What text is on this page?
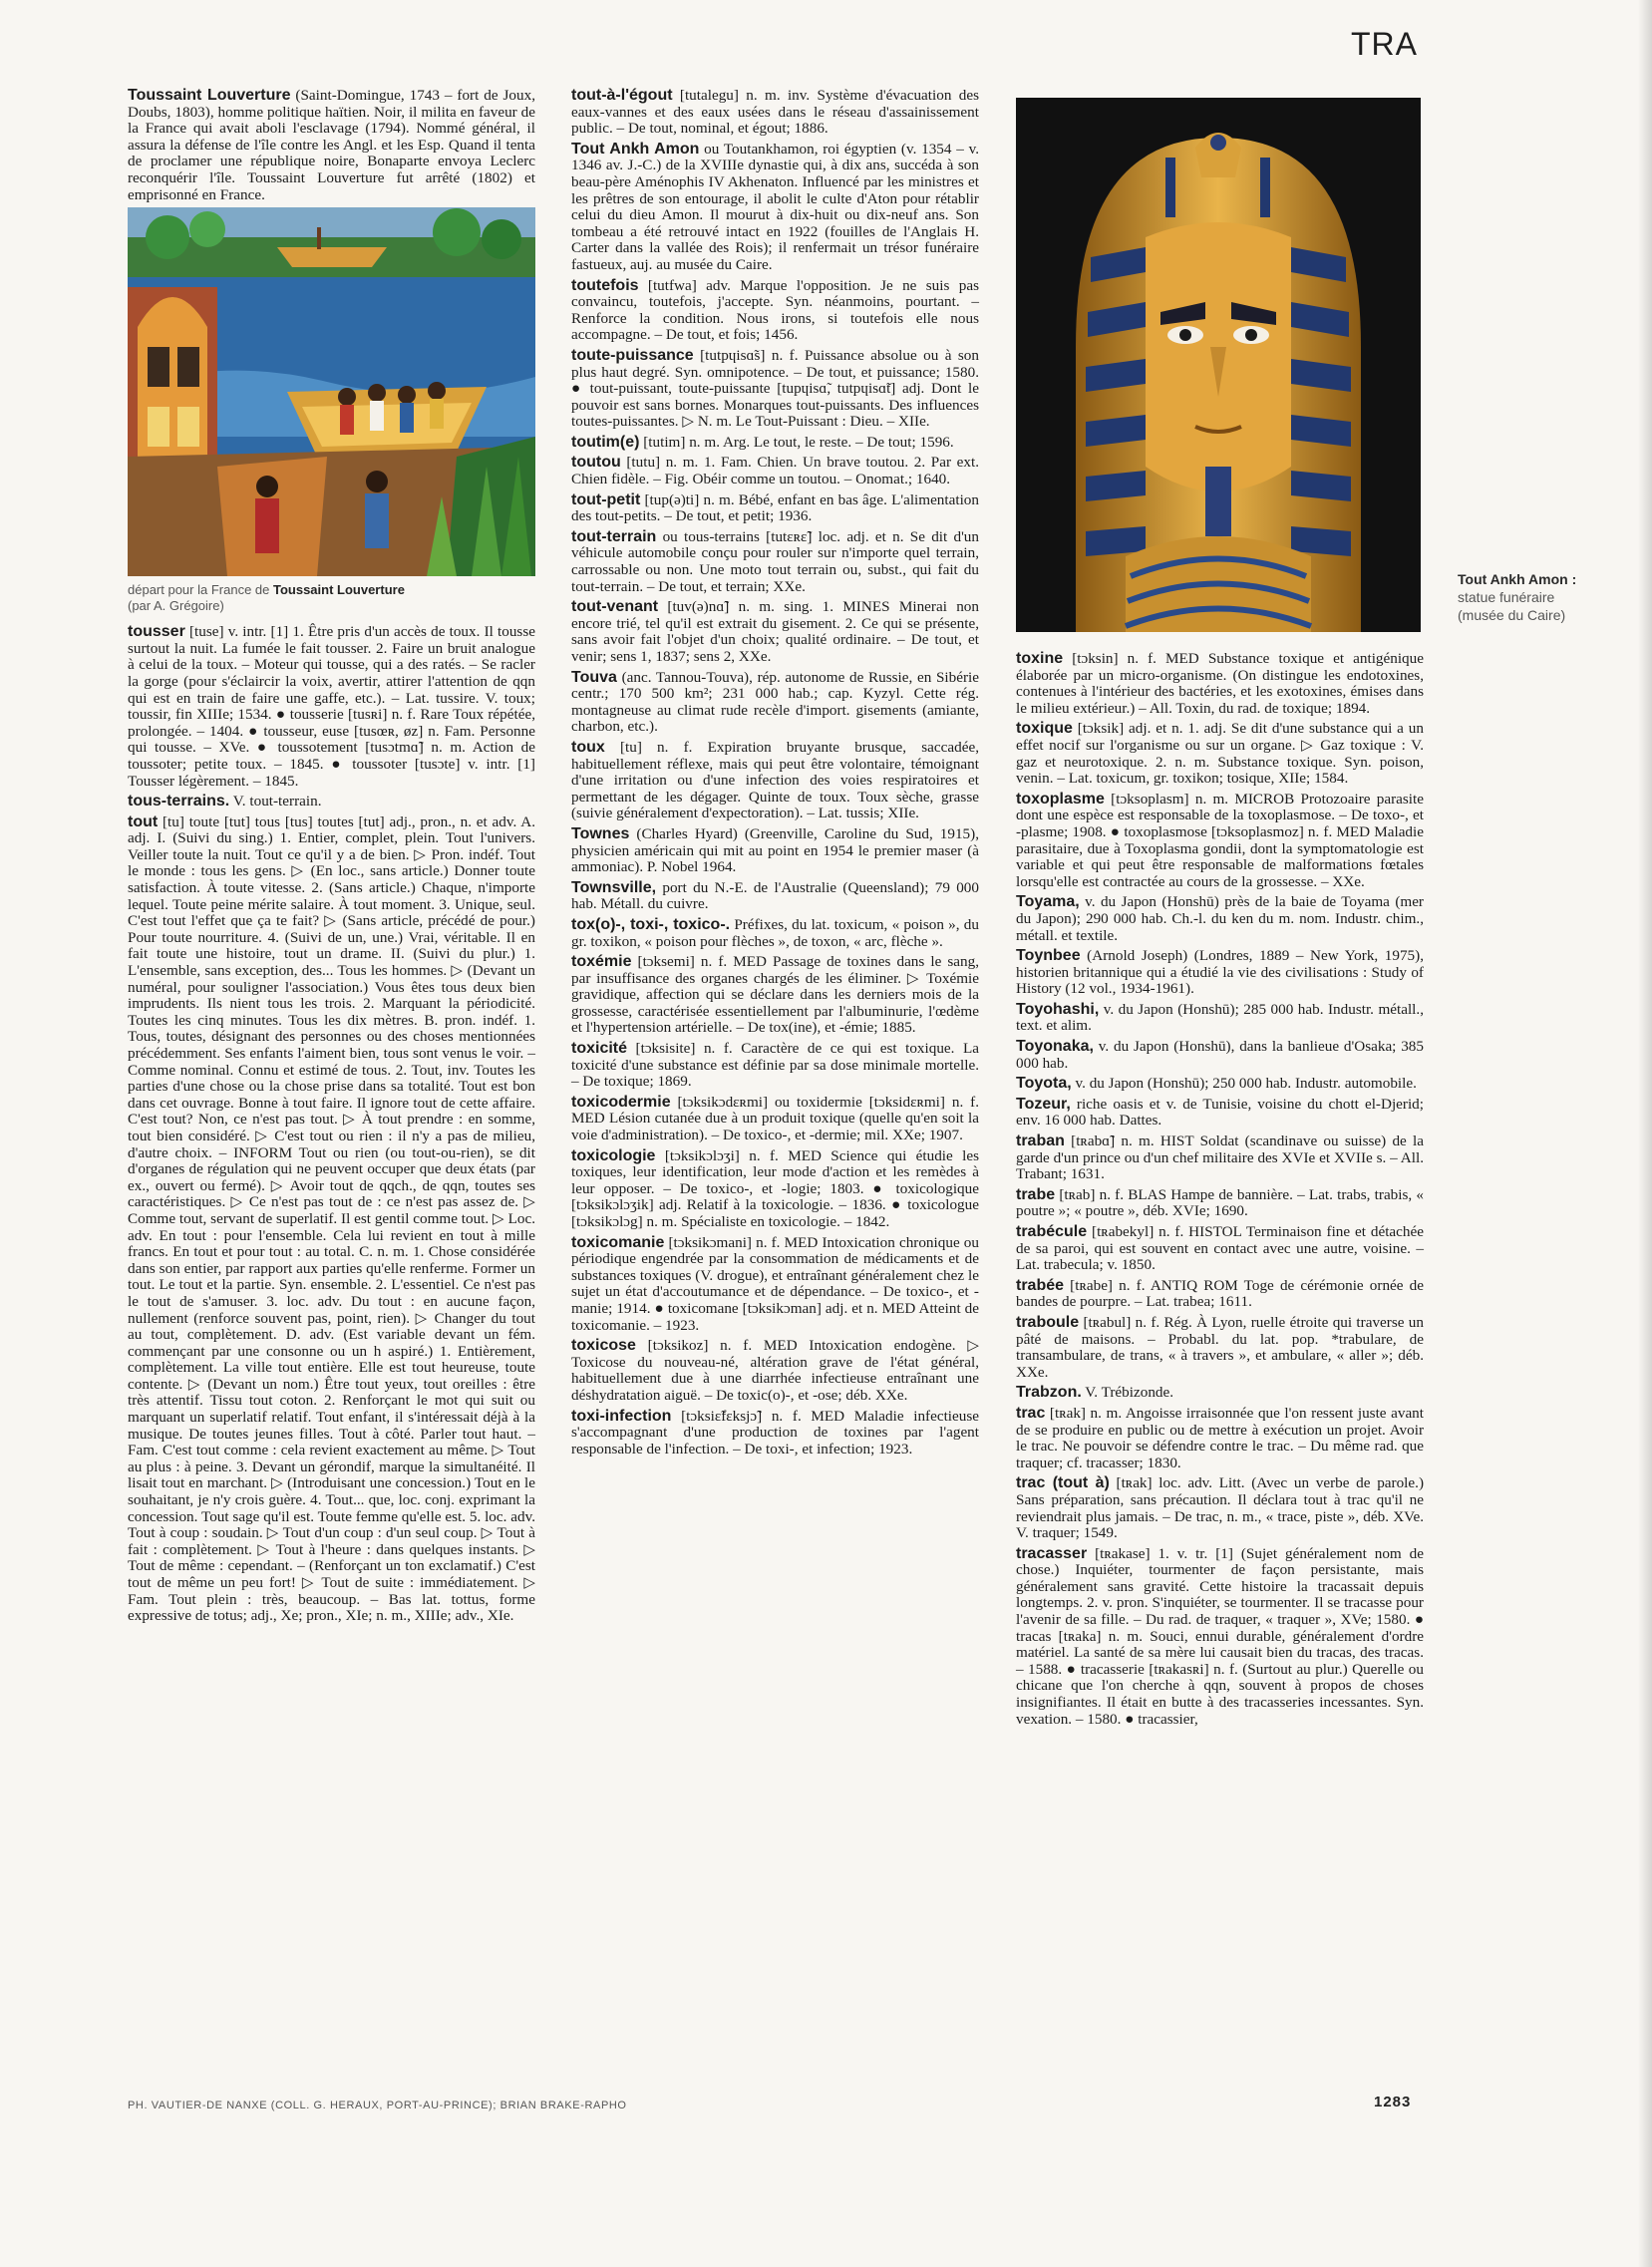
TRA

Toussaint Louverture (Saint-Domingue, 1743 – fort de Joux, Doubs, 1803), homme politique haïtien. Noir, il milita en faveur de la France qui avait aboli l'esclavage (1794). Nommé général, il assura la défense de l'île contre les Angl. et les Esp. Quand il tenta de proclamer une république noire, Bonaparte envoya Leclerc reconquérir l'île. Toussaint Louverture fut arrêté (1802) et emprisonné en France.

départ pour la France de Toussaint Louverture
(par A. Grégoire)

tousser [tuse] v. intr. [1] 1. Être pris d'un accès de toux. Il tousse surtout la nuit. La fumée le fait tousser. 2. Faire un bruit analogue à celui de la toux. – Moteur qui tousse, qui a des ratés. – Se racler la gorge (pour s'éclaircir la voix, avertir, attirer l'attention de qqn qui est en train de faire une gaffe, etc.). – Lat. tussire. V. toux; toussir, fin XIIIe; 1534. ● tousserie [tusʀi] n. f. Rare Toux répétée, prolongée. – 1404. ● tousseur, euse [tusœʀ, øz] n. Fam. Personne qui tousse. – XVe. ● toussotement [tusɔtmɑ̃] n. m. Action de toussoter; petite toux. – 1845. ● toussoter [tusɔte] v. intr. [1] Tousser légèrement. – 1845.

tous-terrains. V. tout-terrain.

tout [tu] toute [tut] tous [tus] toutes [tut] adj., pron., n. et adv. A. adj. I. (Suivi du sing.) 1. Entier, complet, plein. Tout l'univers. Veiller toute la nuit. Tout ce qu'il y a de bien. ▷ Pron. indéf. Tout le monde : tous les gens. ▷ (En loc., sans article.) Donner toute satisfaction. À toute vitesse. 2. (Sans article.) Chaque, n'importe lequel. Toute peine mérite salaire. À tout moment. 3. Unique, seul. C'est tout l'effet que ça te fait? ▷ (Sans article, précédé de pour.) Pour toute nourriture. 4. (Suivi de un, une.) Vrai, véritable. Il en fait toute une histoire, tout un drame. II. (Suivi du plur.) 1. L'ensemble, sans exception, des... Tous les hommes. ▷ (Devant un numéral, pour souligner l'association.) Vous êtes tous deux bien imprudents. Ils nient tous les trois. 2. Marquant la périodicité. Toutes les cinq minutes. Tous les dix mètres. B. pron. indéf. 1. Tous, toutes, désignant des personnes ou des choses mentionnées précédemment. Ses enfants l'aiment bien, tous sont venus le voir. – Comme nominal. Connu et estimé de tous. 2. Tout, inv. Toutes les parties d'une chose ou la chose prise dans sa totalité. Tout est bon dans cet ouvrage. Bonne à tout faire. Il ignore tout de cette affaire. C'est tout? Non, ce n'est pas tout. ▷ À tout prendre : en somme, tout bien considéré. ▷ C'est tout ou rien : il n'y a pas de milieu, d'autre choix. – INFORM Tout ou rien (ou tout-ou-rien), se dit d'organes de régulation qui ne peuvent occuper que deux états (par ex., ouvert ou fermé). ▷ Avoir tout de qqch., de qqn, toutes ses caractéristiques. ▷ Ce n'est pas tout de : ce n'est pas assez de. ▷ Comme tout, servant de superlatif. Il est gentil comme tout. ▷ Loc. adv. En tout : pour l'ensemble. Cela lui revient en tout à mille francs. En tout et pour tout : au total. C. n. m. 1. Chose considérée dans son entier, par rapport aux parties qu'elle renferme. Former un tout. Le tout et la partie. Syn. ensemble. 2. L'essentiel. Ce n'est pas le tout de s'amuser. 3. loc. adv. Du tout : en aucune façon, nullement (renforce souvent pas, point, rien). ▷ Changer du tout au tout, complètement. D. adv. (Est variable devant un fém. commençant par une consonne ou un h aspiré.) 1. Entièrement, complètement. La ville tout entière. Elle est tout heureuse, toute contente. ▷ (Devant un nom.) Être tout yeux, tout oreilles : être très attentif. Tissu tout coton. 2. Renforçant le mot qui suit ou marquant un superlatif relatif. Tout enfant, il s'intéressait déjà à la musique. De toutes jeunes filles. Tout à côté. Parler tout haut. – Fam. C'est tout comme : cela revient exactement au même. ▷ Tout au plus : à peine. 3. Devant un gérondif, marque la simultanéité. Il lisait tout en marchant. ▷ (Introduisant une concession.) Tout en le souhaitant, je n'y crois guère. 4. Tout... que, loc. conj. exprimant la concession. Tout sage qu'il est. Toute femme qu'elle est. 5. loc. adv. Tout à coup : soudain. ▷ Tout d'un coup : d'un seul coup. ▷ Tout à fait : complètement. ▷ Tout à l'heure : dans quelques instants. ▷ Tout de même : cependant. – (Renforçant un ton exclamatif.) C'est tout de même un peu fort! ▷ Tout de suite : immédiatement. ▷ Fam. Tout plein : très, beaucoup. – Bas lat. tottus, forme expressive de totus; adj., Xe; pron., XIe; n. m., XIIIe; adv., XIe.

tout-à-l'égout [tutalegu] n. m. inv. Système d'évacuation des eaux-vannes et des eaux usées dans le réseau d'assainissement public. – De tout, nominal, et égout; 1886.

Tout Ankh Amon ou Toutankhamon, roi égyptien (v. 1354 – v. 1346 av. J.-C.) de la XVIIIe dynastie qui, à dix ans, succéda à son beau-père Aménophis IV Akhenaton. Influencé par les ministres et les prêtres de son entourage, il abolit le culte d'Aton pour rétablir celui du dieu Amon. Il mourut à dix-huit ou dix-neuf ans. Son tombeau a été retrouvé intact en 1922 (fouilles de l'Anglais H. Carter dans la vallée des Rois); il renfermait un trésor funéraire fastueux, auj. au musée du Caire.

toutefois [tutfwa] adv. Marque l'opposition. Je ne suis pas convaincu, toutefois, j'accepte. Syn. néanmoins, pourtant. – Renforce la condition. Nous irons, si toutefois elle nous accompagne. – De tout, et fois; 1456.

toute-puissance [tutpɥisɑ̃s] n. f. Puissance absolue ou à son plus haut degré. Syn. omnipotence. – De tout, et puissance; 1580. ● tout-puissant, toute-puissante [tupɥisɑ̃, tutpɥisɑ̃t] adj. Dont le pouvoir est sans bornes. Monarques tout-puissants. Des influences toutes-puissantes. ▷ N. m. Le Tout-Puissant : Dieu. – XIIe.

toutim(e) [tutim] n. m. Arg. Le tout, le reste. – De tout; 1596.

toutou [tutu] n. m. 1. Fam. Chien. Un brave toutou. 2. Par ext. Chien fidèle. – Fig. Obéir comme un toutou. – Onomat.; 1640.

tout-petit [tup(ə)ti] n. m. Bébé, enfant en bas âge. L'alimentation des tout-petits. – De tout, et petit; 1936.

tout-terrain ou tous-terrains [tutɛʀɛ̃] loc. adj. et n. Se dit d'un véhicule automobile conçu pour rouler sur n'importe quel terrain, carrossable ou non. Une moto tout terrain ou, subst., qui fait du tout-terrain. – De tout, et terrain; XXe.

tout-venant [tuv(ə)nɑ̃] n. m. sing. 1. MINES Minerai non encore trié, tel qu'il est extrait du gisement. 2. Ce qui se présente, sans avoir fait l'objet d'un choix; qualité ordinaire. – De tout, et venir; sens 1, 1837; sens 2, XXe.

Touva (anc. Tannou-Touva), rép. autonome de Russie, en Sibérie centr.; 170 500 km²; 231 000 hab.; cap. Kyzyl. Cette rég. montagneuse au climat rude recèle d'import. gisements (amiante, charbon, etc.).

toux [tu] n. f. Expiration bruyante brusque, saccadée, habituellement réflexe, mais qui peut être volontaire, témoignant d'une irritation ou d'une infection des voies respiratoires et permettant de les dégager. Quinte de toux. Toux sèche, grasse (suivie généralement d'expectoration). – Lat. tussis; XIIe.

Townes (Charles Hyard) (Greenville, Caroline du Sud, 1915), physicien américain qui mit au point en 1954 le premier maser (à ammoniac). P. Nobel 1964.

Townsville, port du N.-E. de l'Australie (Queensland); 79 000 hab. Métall. du cuivre.

tox(o)-, toxi-, toxico-. Préfixes, du lat. toxicum, « poison », du gr. toxikon, « poison pour flèches », de toxon, « arc, flèche ».

toxémie [tɔksemi] n. f. MED Passage de toxines dans le sang, par insuffisance des organes chargés de les éliminer. ▷ Toxémie gravidique, affection qui se déclare dans les derniers mois de la grossesse, caractérisée essentiellement par l'albuminurie, l'œdème et l'hypertension artérielle. – De tox(ine), et -émie; 1885.

toxicité [tɔksisite] n. f. Caractère de ce qui est toxique. La toxicité d'une substance est définie par sa dose minimale mortelle. – De toxique; 1869.

toxicodermie [tɔksikɔdɛʀmi] ou toxidermie [tɔksidɛʀmi] n. f. MED Lésion cutanée due à un produit toxique (quelle qu'en soit la voie d'administration). – De toxico-, et -dermie; mil. XXe; 1907.

toxicologie [tɔksikɔlɔʒi] n. f. MED Science qui étudie les toxiques, leur identification, leur mode d'action et les remèdes à leur opposer. – De toxico-, et -logie; 1803. ● toxicologique [tɔksikɔlɔʒik] adj. Relatif à la toxicologie. – 1836. ● toxicologue [tɔksikɔlɔg] n. m. Spécialiste en toxicologie. – 1842.

toxicomanie [tɔksikɔmani] n. f. MED Intoxication chronique ou périodique engendrée par la consommation de médicaments et de substances toxiques (V. drogue), et entraînant généralement chez le sujet un état d'accoutumance et de dépendance. – De toxico-, et -manie; 1914. ● toxicomane [tɔksikɔman] adj. et n. MED Atteint de toxicomanie. – 1923.

toxicose [tɔksikoz] n. f. MED Intoxication endogène. ▷ Toxicose du nouveau-né, altération grave de l'état général, habituellement due à une diarrhée infectieuse entraînant une déshydratation aiguë. – De toxic(o)-, et -ose; déb. XXe.

toxi-infection [tɔksiɛ̃fɛksjɔ̃] n. f. MED Maladie infectieuse s'accompagnant d'une production de toxines par l'agent responsable de l'infection. – De toxi-, et infection; 1923.

Tout Ankh Amon :
statue funéraire
(musée du Caire)

toxine [tɔksin] n. f. MED Substance toxique et antigénique élaborée par un micro-organisme. (On distingue les endotoxines, contenues à l'intérieur des bactéries, et les exotoxines, émises dans le milieu extérieur.) – All. Toxin, du rad. de toxique; 1894.

toxique [tɔksik] adj. et n. 1. adj. Se dit d'une substance qui a un effet nocif sur l'organisme ou sur un organe. ▷ Gaz toxique : V. gaz et neurotoxique. 2. n. m. Substance toxique. Syn. poison, venin. – Lat. toxicum, gr. toxikon; tosique, XIIe; 1584.

toxoplasme [tɔksoplasm] n. m. MICROB Protozoaire parasite dont une espèce est responsable de la toxoplasmose. – De toxo-, et -plasme; 1908. ● toxoplasmose [tɔksoplasmoz] n. f. MED Maladie parasitaire, due à Toxoplasma gondii, dont la symptomatologie est variable et qui peut être responsable de malformations fœtales lorsqu'elle est contractée au cours de la grossesse. – XXe.

Toyama, v. du Japon (Honshū) près de la baie de Toyama (mer du Japon); 290 000 hab. Ch.-l. du ken du m. nom. Industr. chim., métall. et textile.

Toynbee (Arnold Joseph) (Londres, 1889 – New York, 1975), historien britannique qui a étudié la vie des civilisations : Study of History (12 vol., 1934-1961).

Toyohashi, v. du Japon (Honshū); 285 000 hab. Industr. métall., text. et alim.

Toyonaka, v. du Japon (Honshū), dans la banlieue d'Osaka; 385 000 hab.

Toyota, v. du Japon (Honshū); 250 000 hab. Industr. automobile.

Tozeur, riche oasis et v. de Tunisie, voisine du chott el-Djerid; env. 16 000 hab. Dattes.

traban [tʀabɑ̃] n. m. HIST Soldat (scandinave ou suisse) de la garde d'un prince ou d'un chef militaire des XVIe et XVIIe s. – All. Trabant; 1631.

trabe [tʀab] n. f. BLAS Hampe de bannière. – Lat. trabs, trabis, « poutre »; « poutre », déb. XVIe; 1690.

trabécule [tʀabekyl] n. f. HISTOL Terminaison fine et détachée de sa paroi, qui est souvent en contact avec une autre, voisine. – Lat. trabecula; v. 1850.

trabée [tʀabe] n. f. ANTIQ ROM Toge de cérémonie ornée de bandes de pourpre. – Lat. trabea; 1611.

traboule [tʀabul] n. f. Rég. À Lyon, ruelle étroite qui traverse un pâté de maisons. – Probabl. du lat. pop. *trabulare, de transambulare, de trans, « à travers », et ambulare, « aller »; déb. XXe.

Trabzon. V. Trébizonde.

trac [tʀak] n. m. Angoisse irraisonnée que l'on ressent juste avant de se produire en public ou de mettre à exécution un projet. Avoir le trac. Ne pouvoir se défendre contre le trac. – Du même rad. que traquer; cf. tracasser; 1830.

trac (tout à) [tʀak] loc. adv. Litt. (Avec un verbe de parole.) Sans préparation, sans précaution. Il déclara tout à trac qu'il ne reviendrait plus jamais. – De trac, n. m., « trace, piste », déb. XVe. V. traquer; 1549.

tracasser [tʀakase] 1. v. tr. [1] (Sujet généralement nom de chose.) Inquiéter, tourmenter de façon persistante, mais généralement sans gravité. Cette histoire la tracassait depuis longtemps. 2. v. pron. S'inquiéter, se tourmenter. Il se tracasse pour l'avenir de sa fille. – Du rad. de traquer, « traquer », XVe; 1580. ● tracas [tʀaka] n. m. Souci, ennui durable, généralement d'ordre matériel. La santé de sa mère lui causait bien du tracas, des tracas. – 1588. ● tracasserie [tʀakasʀi] n. f. (Surtout au plur.) Querelle ou chicane que l'on cherche à qqn, souvent à propos de choses insignifiantes. Il était en butte à des tracasseries incessantes. Syn. vexation. – 1580. ● tracassier,

PH. VAUTIER-DE NANXE (COLL. G. HERAUX, PORT-AU-PRINCE); BRIAN BRAKE-RAPHO	1283
